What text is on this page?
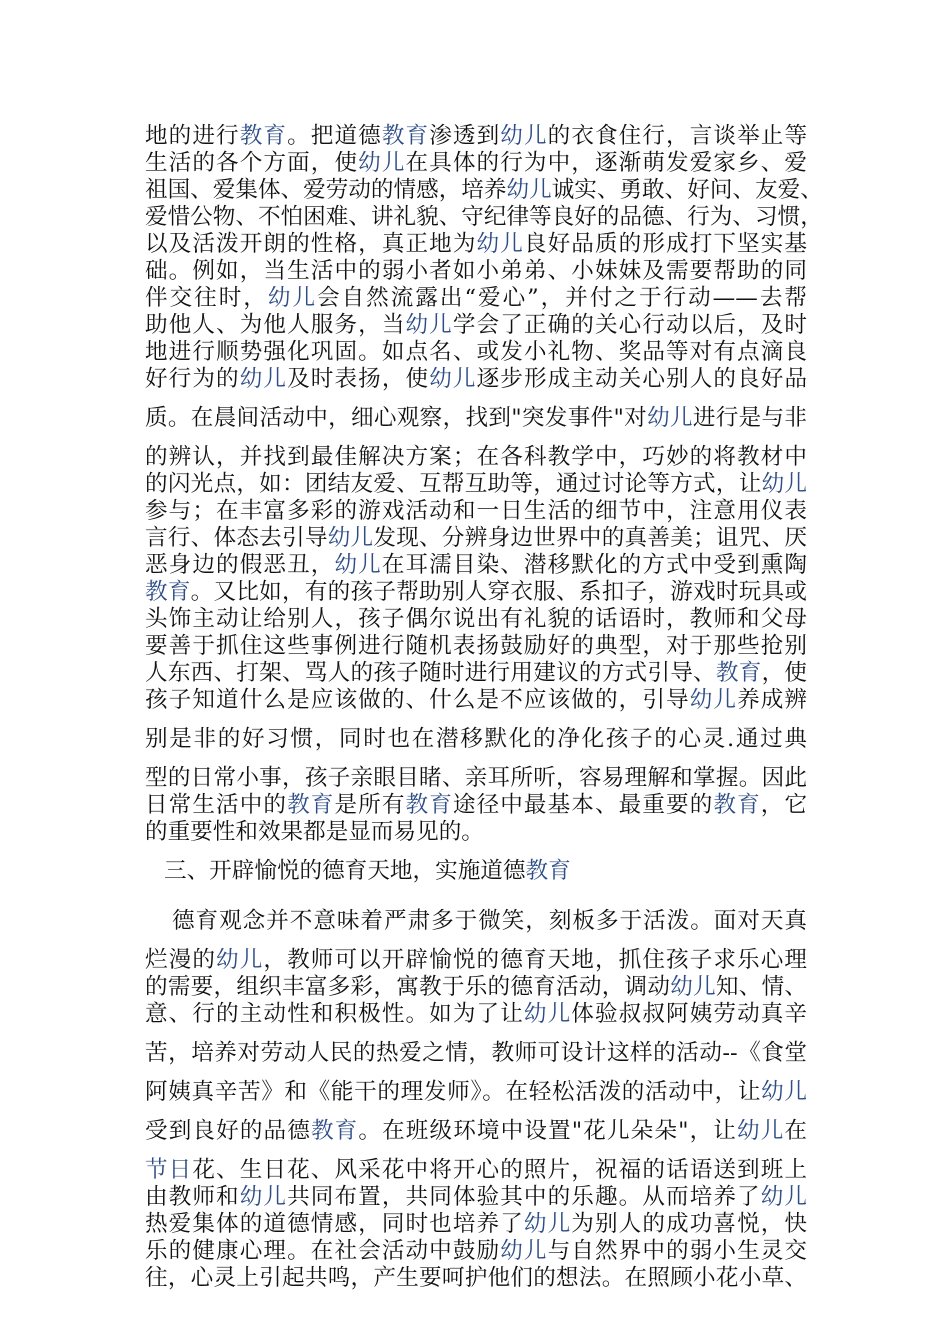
地的进行教育。把道德教育渗透到幼儿的衣食住行，言谈举止等
生活的各个方面，使幼儿在具体的行为中，逐渐萌发爱家乡、爱
祖国、爱集体、爱劳动的情感，培养幼儿诚实、勇敢、好问、友爱、
爱惜公物、不怕困难、讲礼貌、守纪律等良好的品德、行为、习惯，
以及活泼开朗的性格，真正地为幼儿良好品质的形成打下坚实基
础。例如，当生活中的弱小者如小弟弟、小妹妹及需要帮助的同
伴交往时，幼儿会自然流露出“爱心”，并付之于行动——去帮
助他人、为他人服务，当幼儿学会了正确的关心行动以后，及时
地进行顺势强化巩固。如点名、或发小礼物、奖品等对有点滴良
好行为的幼儿及时表扬，使幼儿逐步形成主动关心别人的良好品
质。在晨间活动中，细心观察，找到"突发事件"对幼儿进行是与非
的辨认，并找到最佳解决方案；在各科教学中，巧妙的将教材中
的闪光点，如：团结友爱、互帮互助等，通过讨论等方式，让幼儿
参与；在丰富多彩的游戏活动和一日生活的细节中，注意用仪表
言行、体态去引导幼儿发现、分辨身边世界中的真善美；诅咒、厌
恶身边的假恶丑，幼儿在耳濡目染、潜移默化的方式中受到熏陶
教育。又比如，有的孩子帮助别人穿衣服、系扣子，游戏时玩具或
头饰主动让给别人，孩子偶尔说出有礼貌的话语时，教师和父母
要善于抓住这些事例进行随机表扬鼓励好的典型，对于那些抢别
人东西、打架、骂人的孩子随时进行用建议的方式引导、教育，使
孩子知道什么是应该做的、什么是不应该做的，引导幼儿养成辨
别是非的好习惯，同时也在潜移默化的净化孩子的心灵.通过典
型的日常小事，孩子亲眼目睹、亲耳所听，容易理解和掌握。因此
日常生活中的教育是所有教育途径中最基本、最重要的教育，它
的重要性和效果都是显而易见的。
三、开辟愉悦的德育天地，实施道德教育
德育观念并不意味着严肃多于微笑，刻板多于活泼。面对天真
烂漫的幼儿，教师可以开辟愉悦的德育天地，抓住孩子求乐心理
的需要，组织丰富多彩，寓教于乐的德育活动，调动幼儿知、情、
意、行的主动性和积极性。如为了让幼儿体验叔叔阿姨劳动真辛
苦，培养对劳动人民的热爱之情，教师可设计这样的活动--《食堂
阿姨真辛苦》和《能干的理发师》。在轻松活泼的活动中，让幼儿
受到良好的品德教育。在班级环境中设置"花儿朵朵"，让幼儿在
节日花、生日花、风采花中将开心的照片，祝福的话语送到班上
由教师和幼儿共同布置，共同体验其中的乐趣。从而培养了幼儿
热爱集体的道德情感，同时也培养了幼儿为别人的成功喜悦，快
乐的健康心理。在社会活动中鼓励幼儿与自然界中的弱小生灵交
往，心灵上引起共鸣，产生要呵护他们的想法。在照顾小花小草、
